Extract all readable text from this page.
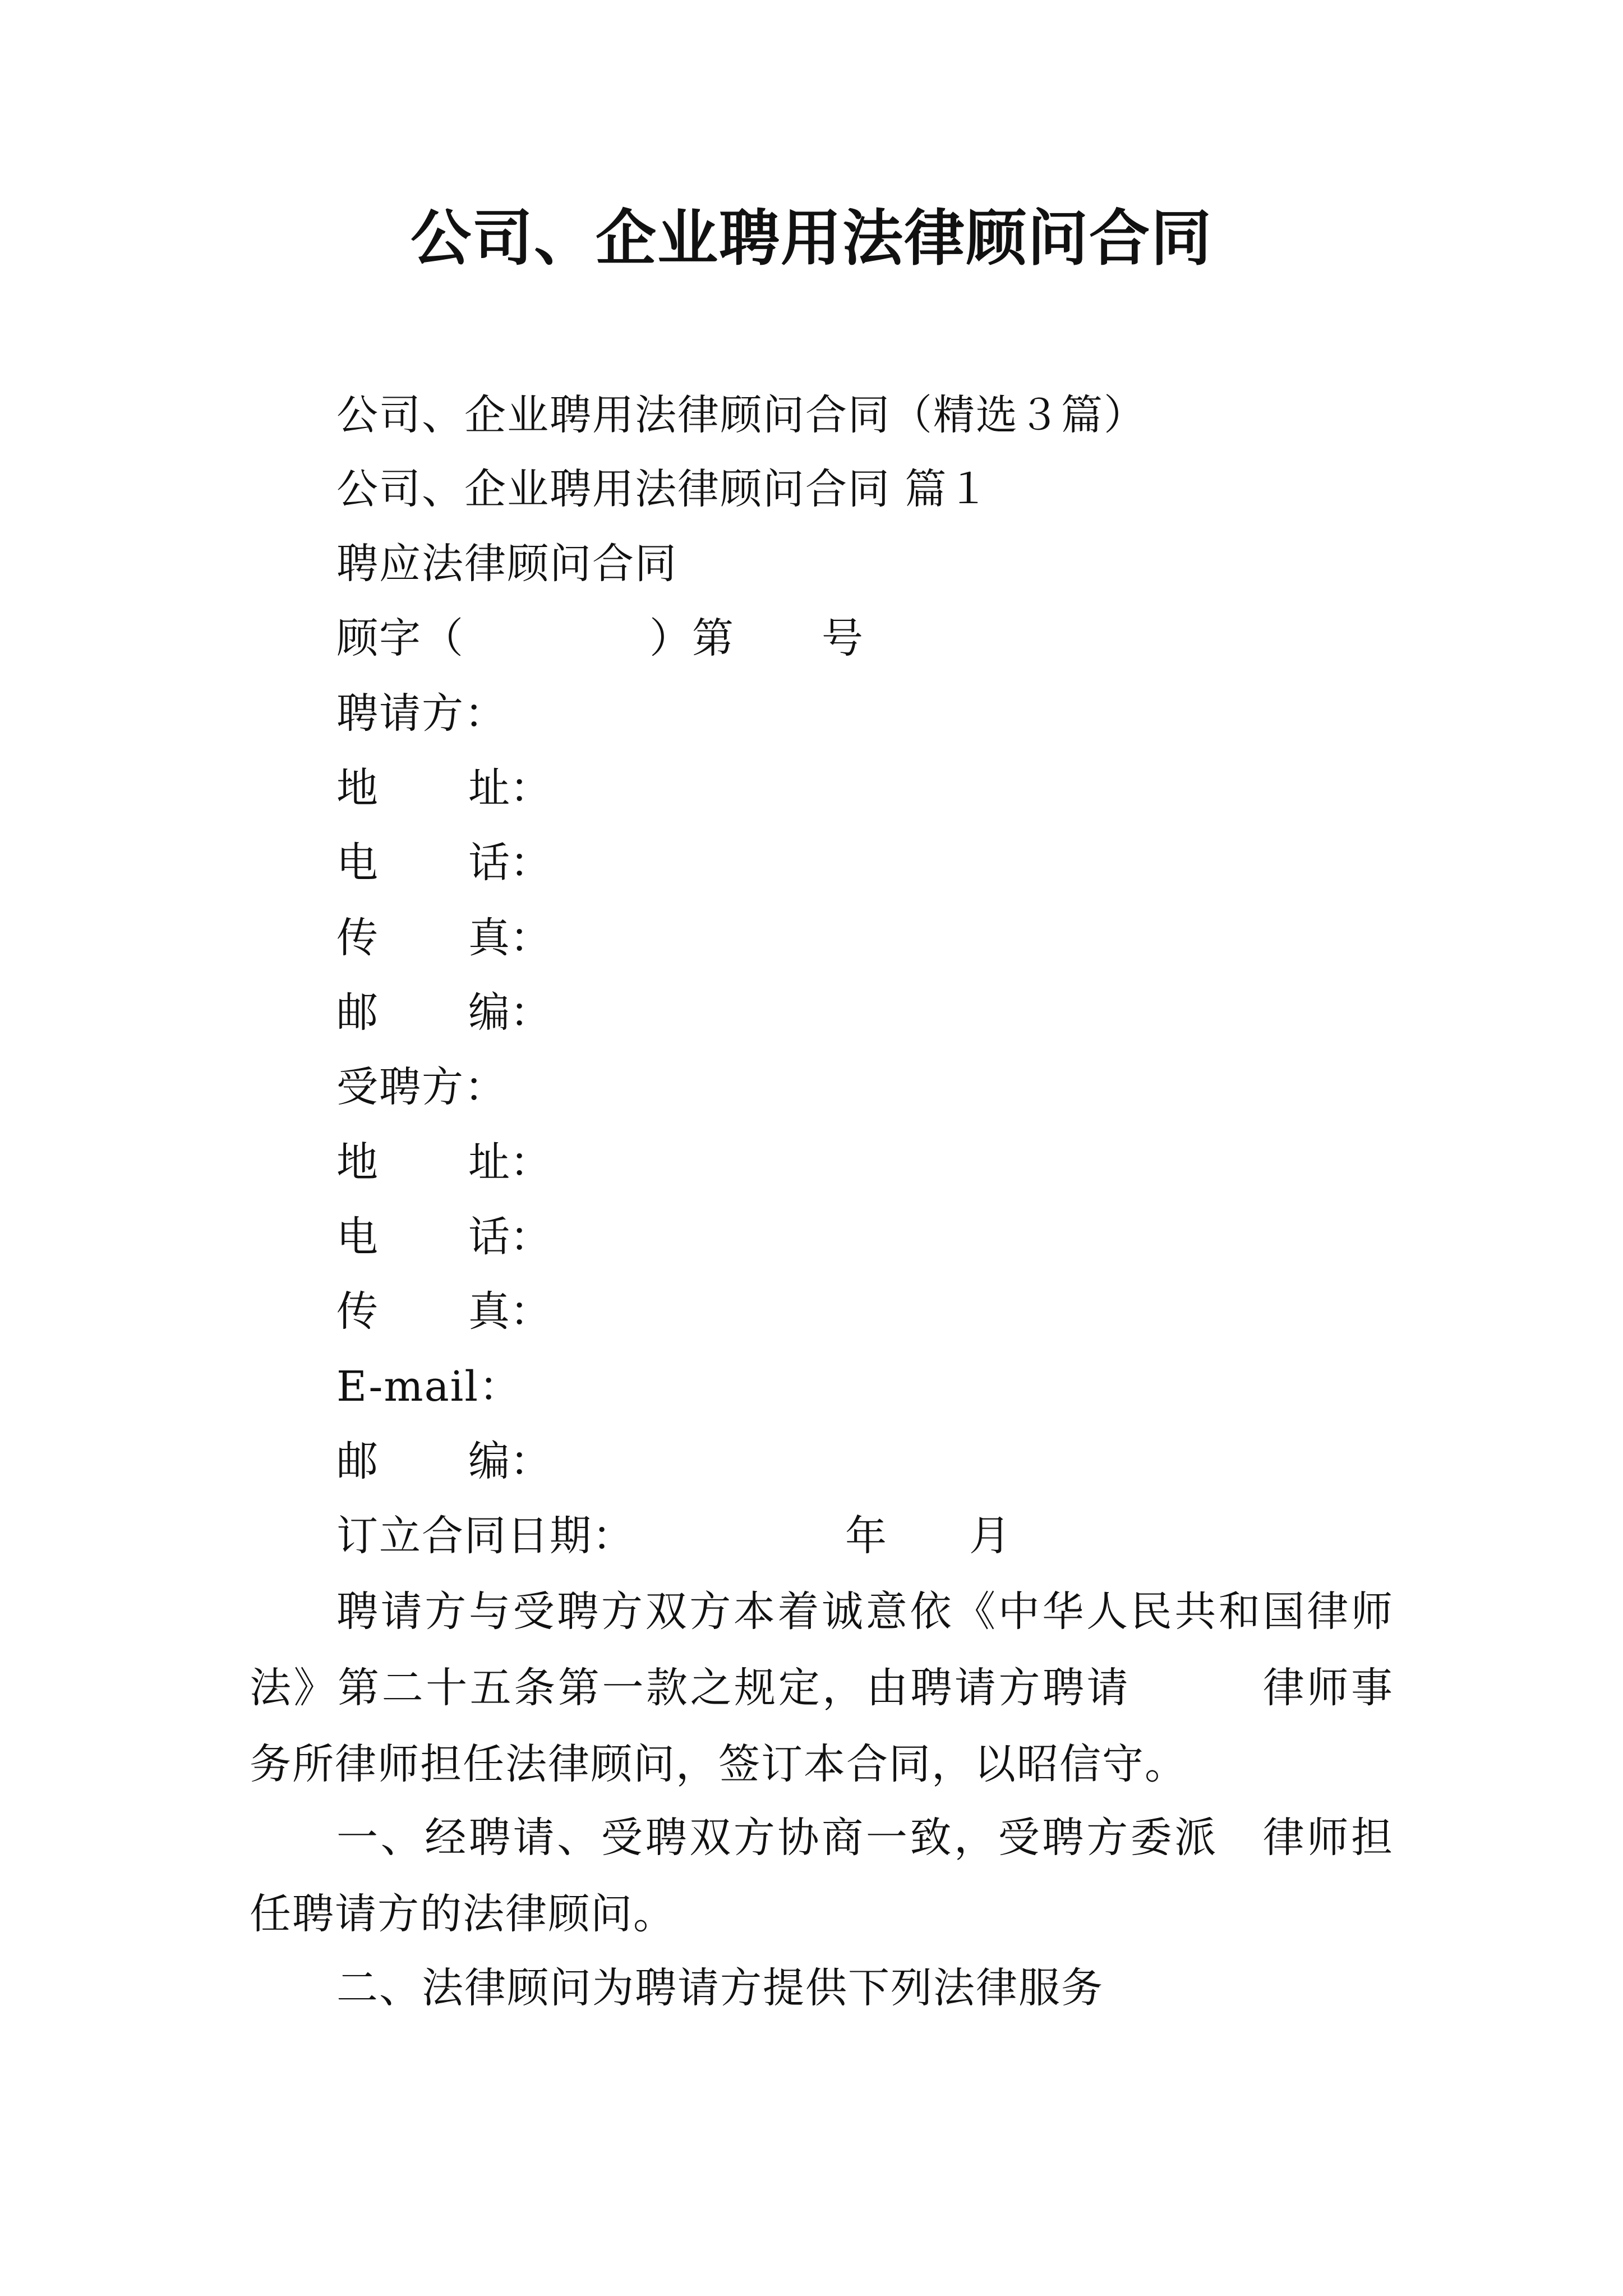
公司、企业聘用法律顾问合同
公司、企业聘用法律顾问合同（精选３篇）
公司、企业聘用法律顾问合同 篇１
聘应法律顾问合同
顾字（	）第 号
聘请方：
地 址：
电 话：
传 真：
邮 编：
受聘方：
地 址：
电 话：
传 真：
E-mail：
邮 编：
订立合同日期：	年 月
聘请方与受聘方双方本着诚意依《中华人民共和国律师法》第二十五条第一款之规定，由聘请方聘请　　　律师事务所律师担任法律顾问，签订本合同，以昭信守。
一、经聘请、受聘双方协商一致，受聘方委派　律师担任聘请方的法律顾问。
二、法律顾问为聘请方提供下列法律服务
